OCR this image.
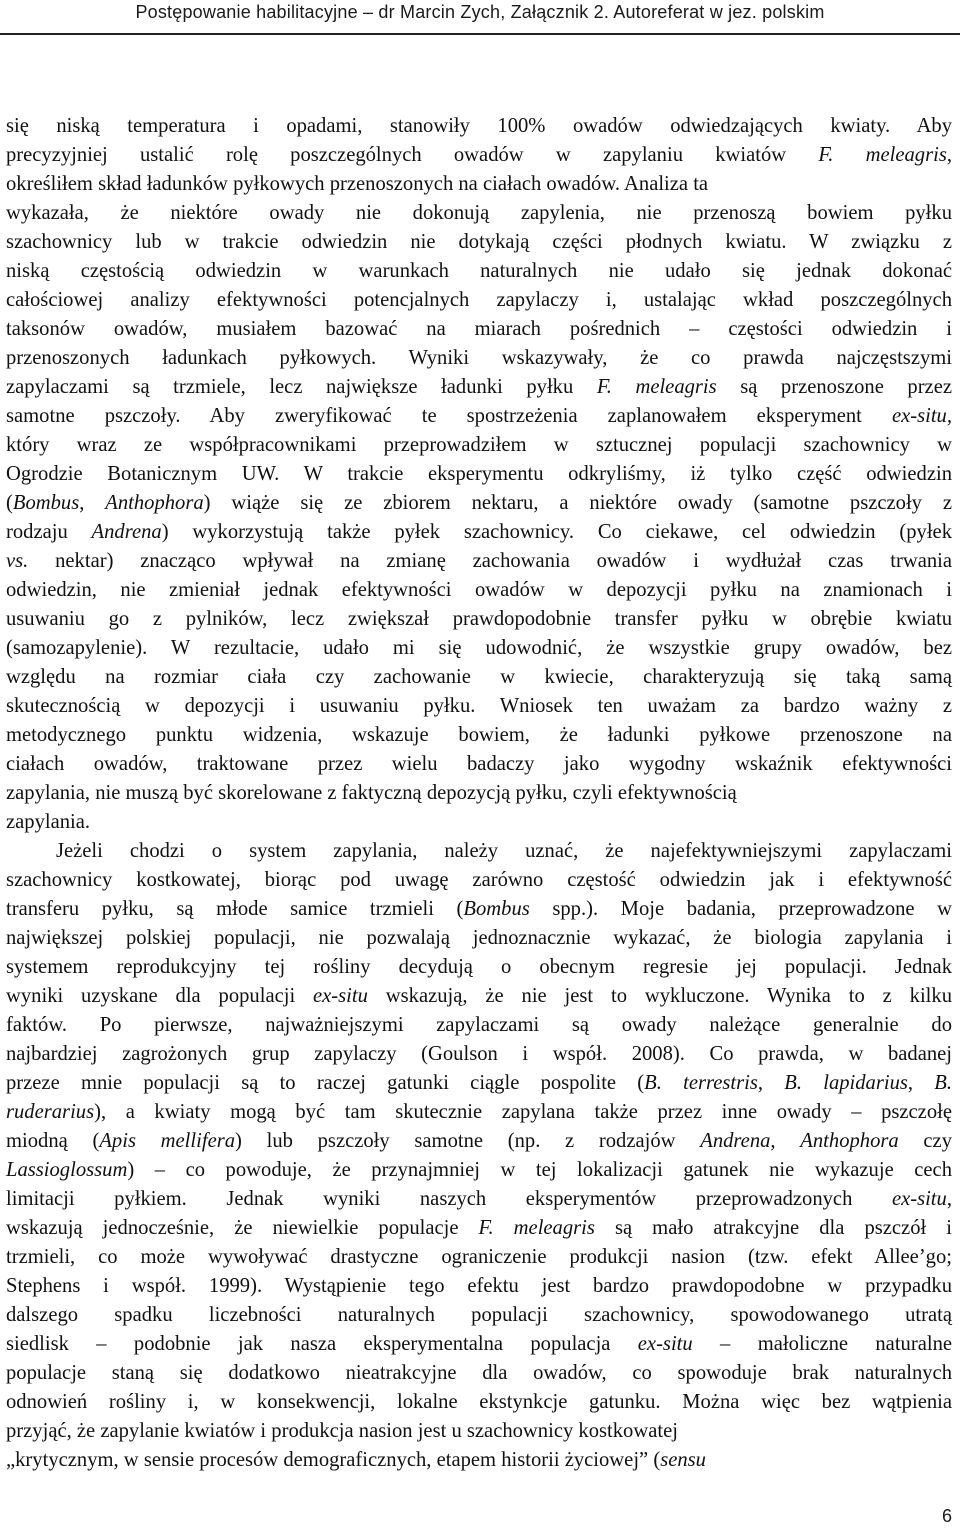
Postępowanie habilitacyjne – dr Marcin Zych, Załącznik 2. Autoreferat w jez. polskim
się niską temperatura i opadami, stanowiły 100% owadów odwiedzających kwiaty. Aby
precyzyjniej ustalić rolę poszczególnych owadów w zapylaniu kwiatów F. meleagris,
określiłem skład ładunków pyłkowych przenoszonych na ciałach owadów. Analiza ta
wykazała, że niektóre owady nie dokonują zapylenia, nie przenoszą bowiem pyłku
szachownicy lub w trakcie odwiedzin nie dotykają części płodnych kwiatu. W związku z
niską częstością odwiedzin w warunkach naturalnych nie udało się jednak dokonać
całościowej analizy efektywności potencjalnych zapylaczy i, ustalając wkład poszczególnych
taksonów owadów, musiałem bazować na miarach pośrednich – częstości odwiedzin i
przenoszonych ładunkach pyłkowych. Wyniki wskazywały, że co prawda najczęstszymi
zapylaczami są trzmiele, lecz największe ładunki pyłku F. meleagris są przenoszone przez
samotne pszczoły. Aby zweryfikować te spostrzeżenia zaplanowałem eksperyment ex-situ,
który wraz ze współpracownikami przeprowadziłem w sztucznej populacji szachownicy w
Ogrodzie Botanicznym UW. W trakcie eksperymentu odkryliśmy, iż tylko część odwiedzin
(Bombus, Anthophora) wiąże się ze zbiorem nektaru, a niektóre owady (samotne pszczoły z
rodzaju Andrena) wykorzystują także pyłek szachownicy. Co ciekawe, cel odwiedzin (pyłek
vs. nektar) znacząco wpływał na zmianę zachowania owadów i wydłużał czas trwania
odwiedzin, nie zmieniał jednak efektywności owadów w depozycji pyłku na znamionach i
usuwaniu go z pylników, lecz zwiększał prawdopodobnie transfer pyłku w obrębie kwiatu
(samozapylenie). W rezultacie, udało mi się udowodnić, że wszystkie grupy owadów, bez
względu na rozmiar ciała czy zachowanie w kwiecie, charakteryzują się taką samą
skutecznością w depozycji i usuwaniu pyłku. Wniosek ten uważam za bardzo ważny z
metodycznego punktu widzenia, wskazuje bowiem, że ładunki pyłkowe przenoszone na
ciałach owadów, traktowane przez wielu badaczy jako wygodny wskaźnik efektywności
zapylania, nie muszą być skorelowane z faktyczną depozycją pyłku, czyli efektywnością
zapylania.
Jeżeli chodzi o system zapylania, należy uznać, że najefektywniejszymi zapylaczami
szachownicy kostkowatej, biorąc pod uwagę zarówno częstość odwiedzin jak i efektywność
transferu pyłku, są młode samice trzmieli (Bombus spp.). Moje badania, przeprowadzone w
największej polskiej populacji, nie pozwalają jednoznacznie wykazać, że biologia zapylania i
systemem reprodukcyjny tej rośliny decydują o obecnym regresie jej populacji. Jednak
wyniki uzyskane dla populacji ex-situ wskazują, że nie jest to wykluczone. Wynika to z kilku
faktów. Po pierwsze, najważniejszymi zapylaczami są owady należące generalnie do
najbardziej zagrożonych grup zapylaczy (Goulson i współ. 2008). Co prawda, w badanej
przeze mnie populacji są to raczej gatunki ciągle pospolite (B. terrestris, B. lapidarius, B.
ruderarius), a kwiaty mogą być tam skutecznie zapylana także przez inne owady – pszczołę
miodną (Apis mellifera) lub pszczoły samotne (np. z rodzajów Andrena, Anthophora czy
Lassioglossum) – co powoduje, że przynajmniej w tej lokalizacji gatunek nie wykazuje cech
limitacji pyłkiem. Jednak wyniki naszych eksperymentów przeprowadzonych ex-situ,
wskazują jednocześnie, że niewielkie populacje F. meleagris są mało atrakcyjne dla pszczół i
trzmieli, co może wywoływać drastyczne ograniczenie produkcji nasion (tzw. efekt Allee’go;
Stephens i współ. 1999). Wystąpienie tego efektu jest bardzo prawdopodobne w przypadku
dalszego spadku liczebności naturalnych populacji szachownicy, spowodowanego utratą
siedlisk – podobnie jak nasza eksperymentalna populacja ex-situ – małoliczne naturalne
populacje staną się dodatkowo nieatrakcyjne dla owadów, co spowoduje brak naturalnych
odnowień rośliny i, w konsekwencji, lokalne ekstynkcje gatunku. Można więc bez wątpienia
przyjąć, że zapylanie kwiatów i produkcja nasion jest u szachownicy kostkowatej
„krytycznym, w sensie procesów demograficznych, etapem historii życiowej” (sensu
6
